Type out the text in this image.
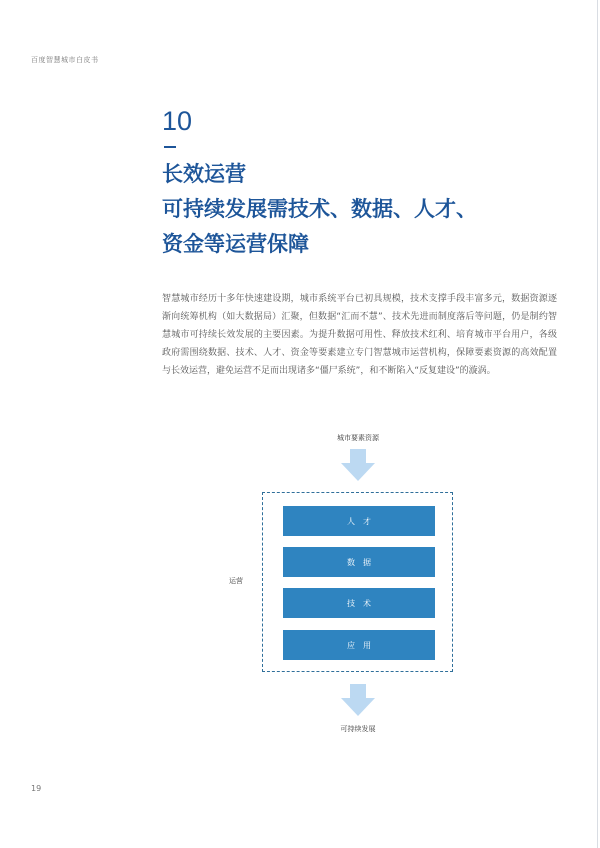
百度智慧城市白皮书
10
长效运营
可持续发展需技术、数据、人才、
资金等运营保障

智慧城市经历十多年快速建设期，城市系统平台已初具规模，技术支撑手段丰富多元，数据资源逐渐向统筹机构（如大数据局）汇聚，但数据“汇而不慧”、技术先进而制度落后等问题，仍是制约智慧城市可持续长效发展的主要因素。为提升数据可用性、释放技术红利、培育城市平台用户，各级政府需围绕数据、技术、人才、资金等要素建立专门智慧城市运营机构，保障要素资源的高效配置与长效运营，避免运营不足而出现诸多“僵尸系统”，和不断陷入“反复建设”的漩涡。

城市要素资源
人才
数据
技术
应用
运营
可持续发展
19
